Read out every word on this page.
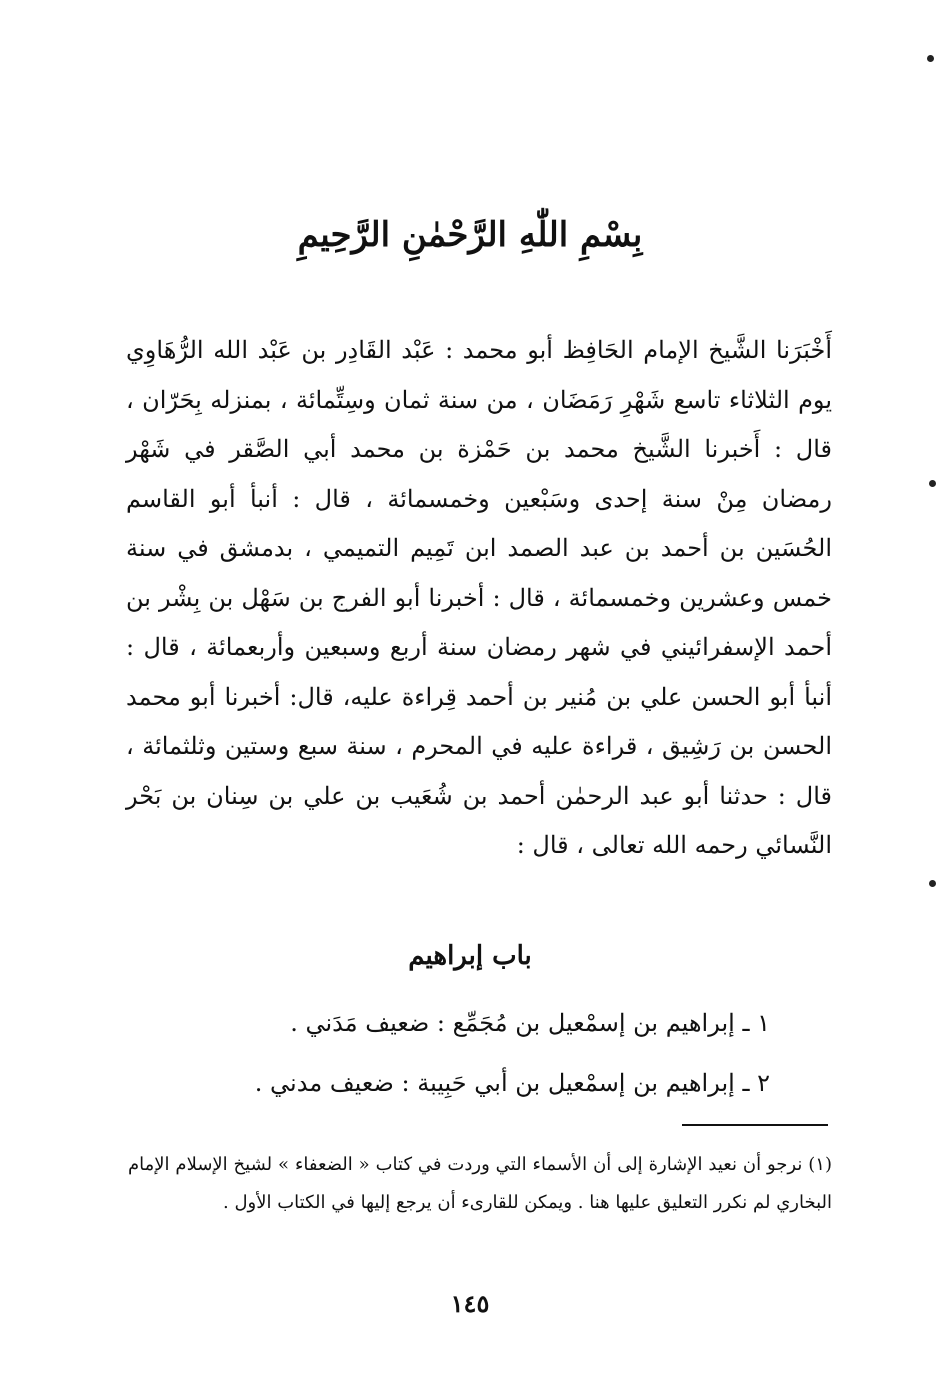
بِسْمِ اللّٰهِ الرَّحْمٰنِ الرَّحِيمِ

أَخْبَرَنا الشَّيخ الإمام الحَافِظ أبو محمد : عَبْد القَادِر بن عَبْد الله الرُّهَاوِي يوم الثلاثاء تاسع شَهْرِ رَمَضَان ، من سنة ثمان وسِتِّمائة ، بمنزله بِحَرّان ، قال : أَخبرنا الشَّيخ محمد بن حَمْزة بن محمد أبي الصَّقر في شَهْر رمضان مِنْ سنة إحدى وسَبْعين وخمسمائة ، قال : أنبأ أبو القاسم الحُسَين بن أحمد بن عبد الصمد ابن تَمِيم التميمي ، بدمشق في سنة خمس وعشرين وخمسمائة ، قال : أخبرنا أبو الفرج بن سَهْل بن بِشْر بن أحمد الإسفرائيني في شهر رمضان سنة أربع وسبعين وأربعمائة ، قال : أنبأ أبو الحسن علي بن مُنير بن أحمد قِراءة عليه، قال: أخبرنا أبو محمد الحسن بن رَشِيق ، قراءة عليه في المحرم ، سنة سبع وستين وثلثمائة ، قال : حدثنا أبو عبد الرحمٰن أحمد بن شُعَيب بن علي بن سِنان بن بَحْر النَّسائي رحمه الله تعالى ، قال :

باب إبراهيم
١ ـ إبراهيم بن إسمْعيل بن مُجَمِّع : ضعيف مَدَني .
٢ ـ إبراهيم بن إسمْعيل بن أبي حَبِيبة : ضعيف مدني .

(١) نرجو أن نعيد الإشارة إلى أن الأسماء التي وردت في كتاب « الضعفاء » لشيخ الإسلام الإمام البخاري لم نكرر التعليق عليها هنا . ويمكن للقارىء أن يرجع إليها في الكتاب الأول .

١٤٥
